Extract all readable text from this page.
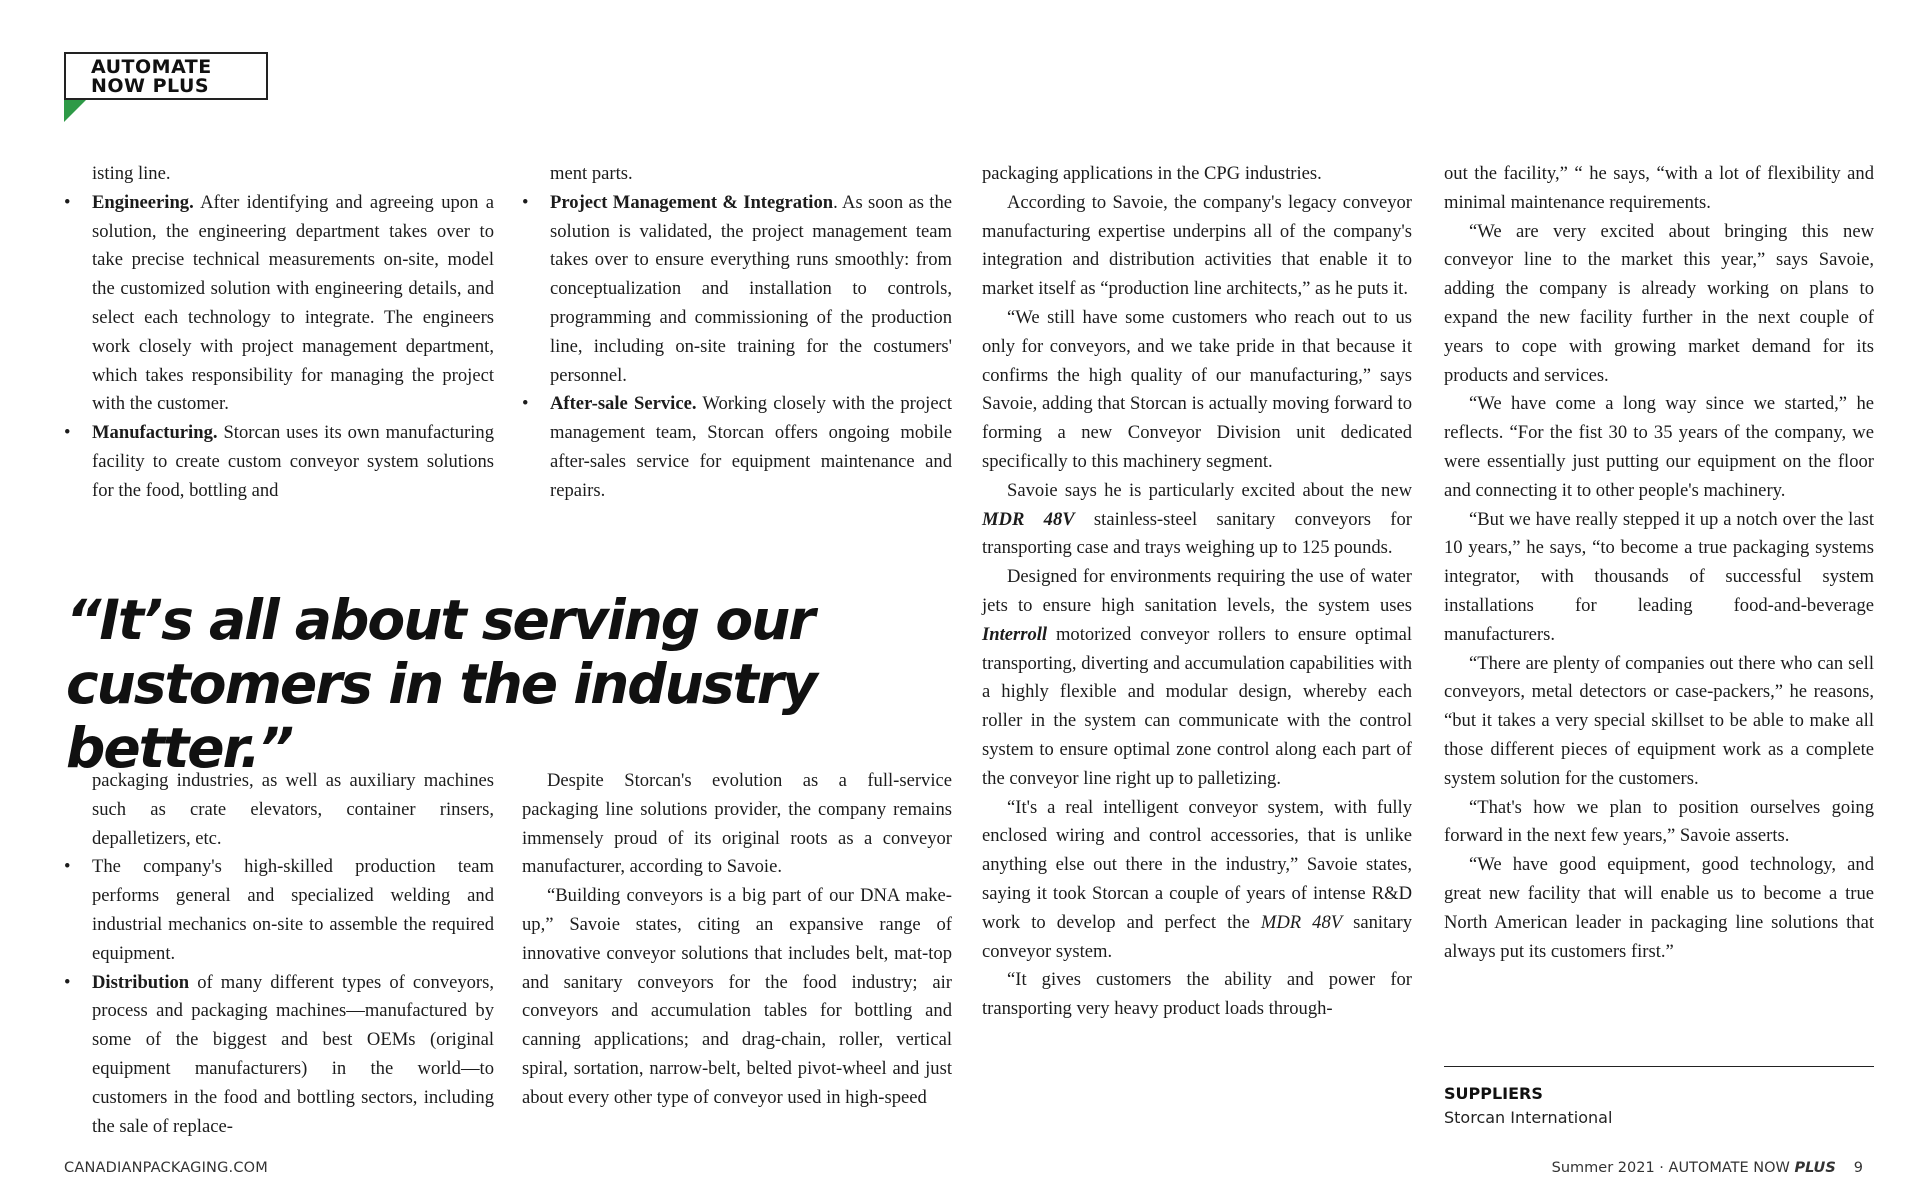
AUTOMATE
NOW PLUS

isting line.

• Engineering. After identifying and agreeing upon a solution, the engineering department takes over to take precise technical measurements on-site, model the customized solution with engineering details, and select each technology to integrate. The engineers work closely with project management department, which takes responsibility for managing the project with the customer.
• Manufacturing. Storcan uses its own manufacturing facility to create custom conveyor system solutions for the food, bottling and

ment parts.

• Project Management & Integration. As soon as the solution is validated, the project management team takes over to ensure everything runs smoothly: from conceptualization and installation to controls, programming and commissioning of the production line, including on-site training for the costumers' personnel.
• After-sale Service. Working closely with the project management team, Storcan offers ongoing mobile after-sales service for equipment maintenance and repairs.
“It’s all about serving our
customers in the industry better.”

packaging industries, as well as auxiliary machines such as crate elevators, container rinsers, depalletizers, etc.

• The company's high-skilled production team performs general and specialized welding and industrial mechanics on-site to assemble the required equipment.
• Distribution of many different types of conveyors, process and packaging machines—manufactured by some of the biggest and best OEMs (original equipment manufacturers) in the world—to customers in the food and bottling sectors, including the sale of replace-

Despite Storcan's evolution as a full-service packaging line solutions provider, the company remains immensely proud of its original roots as a conveyor manufacturer, according to Savoie.

“Building conveyors is a big part of our DNA make-up,” Savoie states, citing an expansive range of innovative conveyor solutions that includes belt, mat-top and sanitary conveyors for the food industry; air conveyors and accumulation tables for bottling and canning applications; and drag-chain, roller, vertical spiral, sortation, narrow-belt, belted pivot-wheel and just about every other type of conveyor used in high-speed

packaging applications in the CPG industries.

According to Savoie, the company's legacy conveyor manufacturing expertise underpins all of the company's integration and distribution activities that enable it to market itself as “production line architects,” as he puts it.

“We still have some customers who reach out to us only for conveyors, and we take pride in that because it confirms the high quality of our manufacturing,” says Savoie, adding that Storcan is actually moving forward to forming a new Conveyor Division unit dedicated specifically to this machinery segment.

Savoie says he is particularly excited about the new MDR 48V stainless-steel sanitary conveyors for transporting case and trays weighing up to 125 pounds.

Designed for environments requiring the use of water jets to ensure high sanitation levels, the system uses Interroll motorized conveyor rollers to ensure optimal transporting, diverting and accumulation capabilities with a highly flexible and modular design, whereby each roller in the system can communicate with the control system to ensure optimal zone control along each part of the conveyor line right up to palletizing.

“It's a real intelligent conveyor system, with fully enclosed wiring and control accessories, that is unlike anything else out there in the industry,” Savoie states, saying it took Storcan a couple of years of intense R&D work to develop and perfect the MDR 48V sanitary conveyor system.

“It gives customers the ability and power for transporting very heavy product loads through-

out the facility,” “ he says, “with a lot of flexibility and minimal maintenance requirements.

“We are very excited about bringing this new conveyor line to the market this year,” says Savoie, adding the company is already working on plans to expand the new facility further in the next couple of years to cope with growing market demand for its products and services.

“We have come a long way since we started,” he reflects. “For the fist 30 to 35 years of the company, we were essentially just putting our equipment on the floor and connecting it to other people's machinery.

“But we have really stepped it up a notch over the last 10 years,” he says, “to become a true packaging systems integrator, with thousands of successful system installations for leading food-and-beverage manufacturers.

“There are plenty of companies out there who can sell conveyors, metal detectors or case-packers,” he reasons, “but it takes a very special skillset to be able to make all those different pieces of equipment work as a complete system solution for the customers.

“That's how we plan to position ourselves going forward in the next few years,” Savoie asserts.

“We have good equipment, good technology, and great new facility that will enable us to become a true North American leader in packaging line solutions that always put its customers first.”

SUPPLIERS
Storcan International
CANADIANPACKAGING.COM	Summer 2021 · AUTOMATE NOW PLUS 9
